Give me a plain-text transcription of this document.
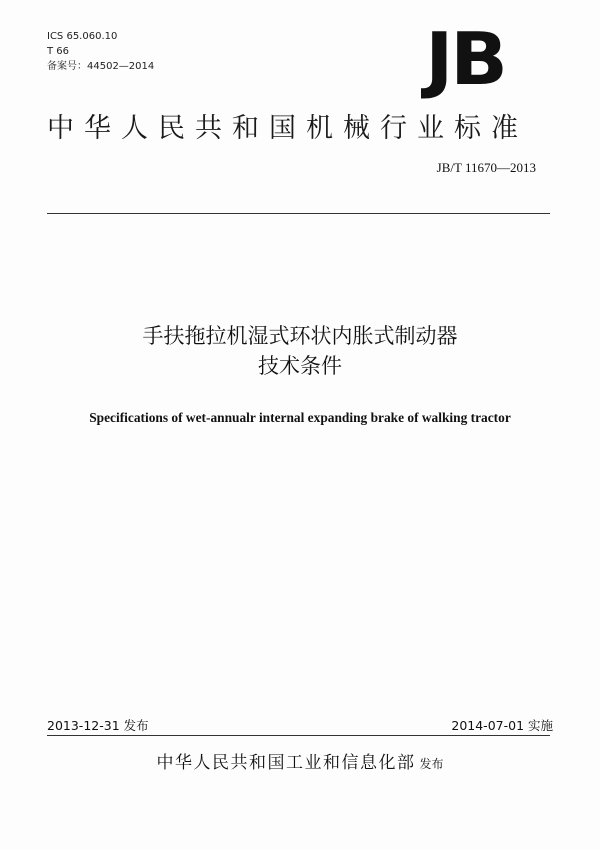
ICS 65.060.10
T 66
备案号：44502—2014	JB
中华人民共和国机械行业标准
JB/T 11670—2013
手扶拖拉机湿式环状内胀式制动器
技术条件
Specifications of wet-annualr internal expanding brake of walking tractor
2013-12-31 发布	2014-07-01 实施
中华人民共和国工业和信息化部 发布
